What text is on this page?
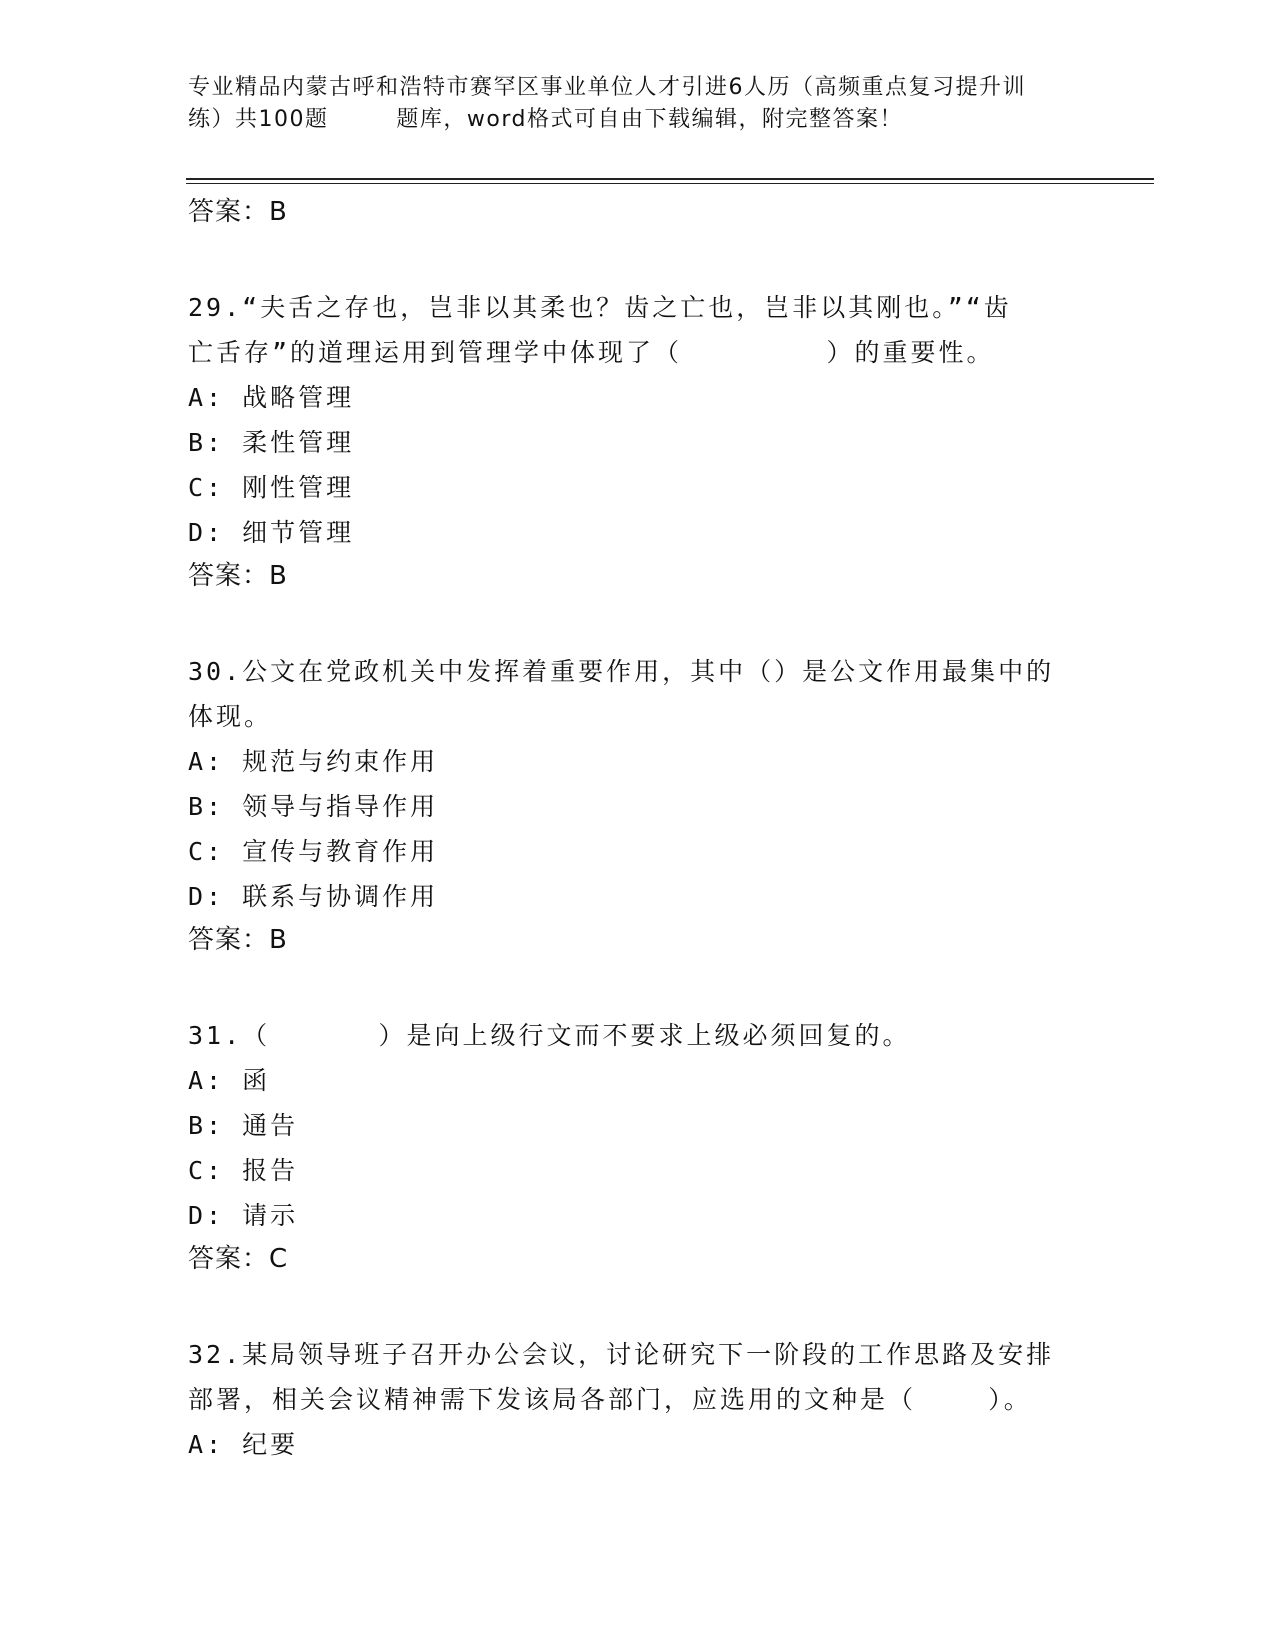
专业精品内蒙古呼和浩特市赛罕区事业单位人才引进6人历（高频重点复习提升训
练）共100题        题库，word格式可自由下载编辑，附完整答案！
答案：B
29.“夫舌之存也，岂非以其柔也？齿之亡也，岂非以其刚也。”“齿
亡舌存”的道理运用到管理学中体现了（        ）的重要性。
A: 战略管理
B: 柔性管理
C: 刚性管理
D: 细节管理
答案：B
30.公文在党政机关中发挥着重要作用，其中（）是公文作用最集中的
体现。
A: 规范与约束作用
B: 领导与指导作用
C: 宣传与教育作用
D: 联系与协调作用
答案：B
31.（      ）是向上级行文而不要求上级必须回复的。
A: 函
B: 通告
C: 报告
D: 请示
答案：C
32.某局领导班子召开办公会议，讨论研究下一阶段的工作思路及安排
部署，相关会议精神需下发该局各部门，应选用的文种是（    ）。
A: 纪要
